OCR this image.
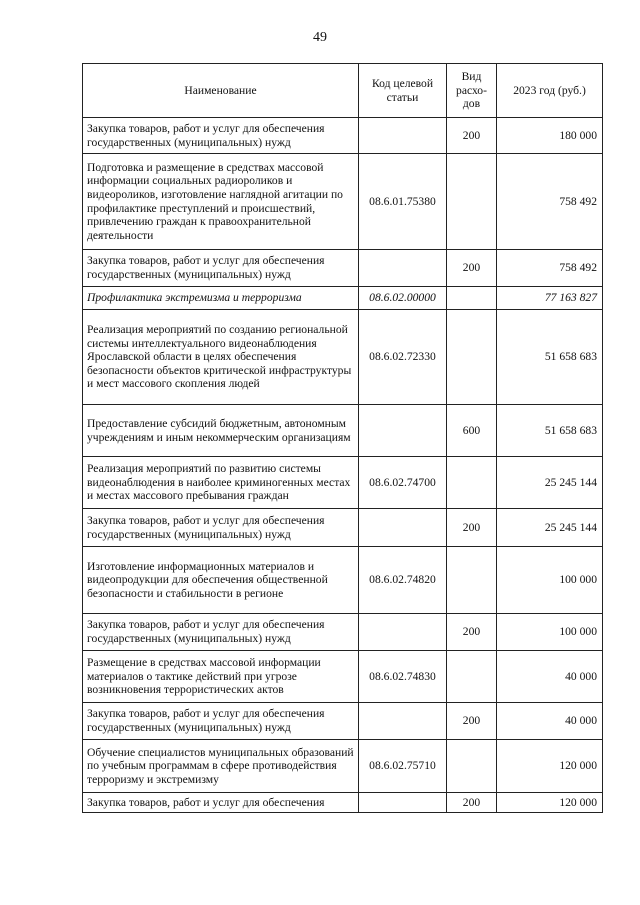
49
Наименование	Код целевой статьи	Вид расхо- дов	2023 год (руб.)
Закупка товаров, работ и услуг для обеспечения государственных (муниципальных) нужд		200	180 000
Подготовка и размещение в средствах массовой информации социальных радиороликов и видеороликов, изготовление наглядной агитации по профилактике преступлений и происшествий, привлечению граждан к правоохранительной деятельности	08.6.01.75380		758 492
Закупка товаров, работ и услуг для обеспечения государственных (муниципальных) нужд		200	758 492
Профилактика экстремизма и терроризма	08.6.02.00000		77 163 827
Реализация мероприятий по созданию региональной системы интеллектуального видеонаблюдения Ярославской области в целях обеспечения безопасности объектов критической инфраструктуры и мест массового скопления людей	08.6.02.72330		51 658 683
Предоставление субсидий бюджетным, автономным учреждениям и иным некоммерческим организациям		600	51 658 683
Реализация мероприятий по развитию системы видеонаблюдения в наиболее криминогенных местах и местах массового пребывания граждан	08.6.02.74700		25 245 144
Закупка товаров, работ и услуг для обеспечения государственных (муниципальных) нужд		200	25 245 144
Изготовление информационных материалов и видеопродукции для обеспечения общественной безопасности и стабильности в регионе	08.6.02.74820		100 000
Закупка товаров, работ и услуг для обеспечения государственных (муниципальных) нужд		200	100 000
Размещение в средствах массовой информации материалов о тактике действий при угрозе возникновения террористических актов	08.6.02.74830		40 000
Закупка товаров, работ и услуг для обеспечения государственных (муниципальных) нужд		200	40 000
Обучение специалистов муниципальных образований по учебным программам в сфере противодействия терроризму и экстремизму	08.6.02.75710		120 000
Закупка товаров, работ и услуг для обеспечения		200	120 000
